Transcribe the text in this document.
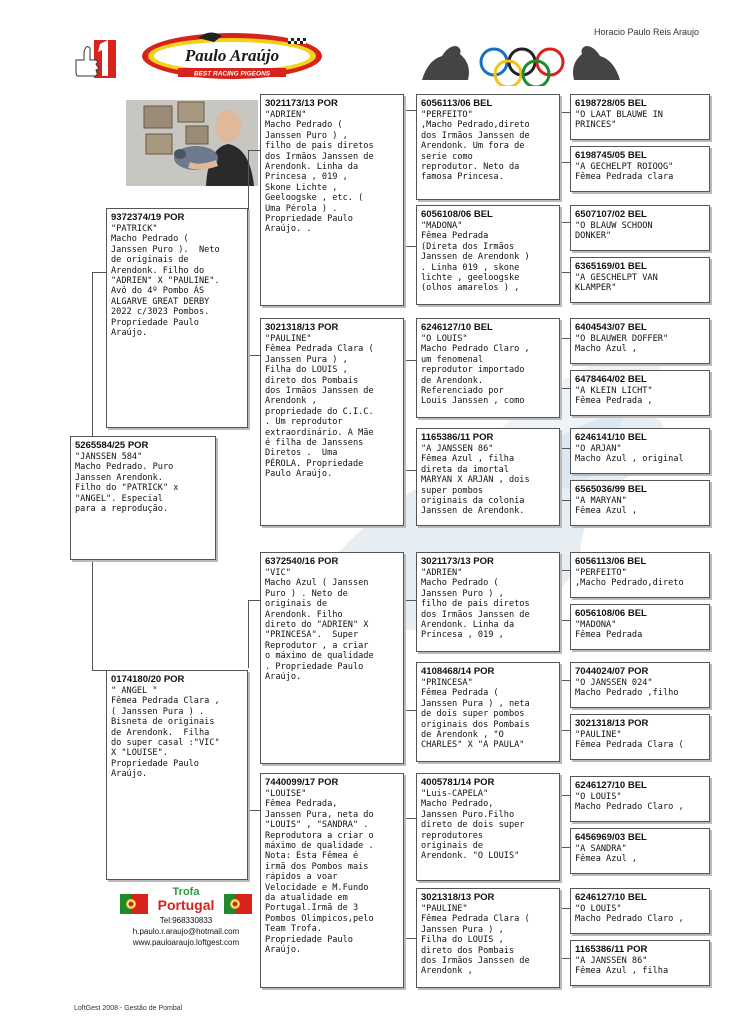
Horacio Paulo Reis Araujo
Paulo Araújo
BEST RACING PIGEONS
5265584/25 POR
"JANSSEN 584"
Macho Pedrado. Puro
Janssen Arendonk.
Filho do "PATRICK" x
"ANGEL". Especial
para a reprodução.
9372374/19 POR
"PATRICK"
Macho Pedrado (
Janssen Puro ).  Neto
de originais de
Arendonk. Filho do
"ADRIEN" X "PAULINE".
Avô do 4º Pombo ÁS
ALGARVE GREAT DERBY
2022 c/3023 Pombos.
Propriedade Paulo
Araújo.
0174180/20 POR
" ANGEL "
Fêmea Pedrada Clara ,
( Janssen Pura ) .
Bisneta de originais
de Arendonk.  Filha
do super casal :"VIC"
X "LOUISE".
Propriedade Paulo
Araújo.
3021173/13 POR
"ADRIEN"
Macho Pedrado (
Janssen Puro ) ,
filho de pais diretos
dos Irmãos Janssen de
Arendonk. Linha da
Princesa , 019 ,
Skone Lichte ,
Geeloogske , etc. (
Uma Pérola ) .
Propriedade Paulo
Araújo. .
3021318/13 POR
"PAULINE"
Fêmea Pedrada Clara (
Janssen Pura ) ,
Filha do LOUIS ,
direto dos Pombais
dos Irmãos Janssen de
Arendonk ,
propriedade do C.I.C.
. Um reprodutor
extraordinário. A Mãe
é filha de Janssens
Diretos .  Uma
PÉROLA. Propriedade
Paulo Araújo.
6372540/16 POR
"VIC"
Macho Azul ( Janssen
Puro ) . Neto de
originais de
Arendonk. Filho
direto do "ADRIEN" X
"PRINCESA".  Super
Reprodutor , a criar
o máximo de qualidade
. Propriedade Paulo
Araújo.
7440099/17 POR
"LOUISE"
Fêmea Pedrada,
Janssen Pura, neta do
"LOUIS" , "SANDRA" .
Reprodutora a criar o
máximo de qualidade .
Nota: Esta Fêmea é
irmã dos Pombos mais
rápidos a voar
Velocidade e M.Fundo
da atualidade em
Portugal.Irmã de 3
Pombos Olimpicos,pelo
Team Trofa.
Propriedade Paulo
Araújo.
6056113/06 BEL
"PERFEITO"
,Macho Pedrado,direto
dos Irmãos Janssen de
Arendonk. Um fora de
serie como
reprodutor. Neto da
famosa Princesa.
6056108/06 BEL
"MADONA"
Fêmea Pedrada
(Direta dos Irmãos
Janssen de Arendonk )
. Linha 019 , skone
lichte , geeloogske
(olhos amarelos ) ,
6246127/10 BEL
"O LOUIS"
Macho Pedrado Claro ,
um fenomenal
reprodutor importado
de Arendonk.
Referenciado por
Louis Janssen , como
1165386/11 POR
"A JANSSEN 86"
Fêmea Azul , filha
direta da imortal
MARYAN X ARJAN , dois
super pombos
originais da colonia
Janssen de Arendonk.
3021173/13 POR
"ADRIEN"
Macho Pedrado (
Janssen Puro ) ,
filho de pais diretos
dos Irmãos Janssen de
Arendonk. Linha da
Princesa , 019 ,
4108468/14 POR
"PRINCESA"
Fêmea Pedrada (
Janssen Pura ) , neta
de dois super pombos
originais dos Pombais
de Arendonk , "O
CHARLES" X "A PAULA"
4005781/14 POR
"Luis-CAPELA"
Macho Pedrado,
Janssen Puro.Filho
direto de dois super
reprodutores
originais de
Arendonk. "O LOUIS"
3021318/13 POR
"PAULINE"
Fêmea Pedrada Clara (
Janssen Pura ) ,
Filha do LOUIS ,
direto dos Pombais
dos Irmãos Janssen de
Arendonk ,
6198728/05 BEL
"O LAAT BLAUWE IN
PRINCES"
6198745/05 BEL
"A GECHELPT ROIOOG"
Fêmea Pedrada clara
6507107/02 BEL
"O BLAUW SCHOON
DONKER"
6365169/01 BEL
"A GESCHELPT VAN
KLAMPER"
6404543/07 BEL
"O BLAUWER DOFFER"
Macho Azul ,
6478464/02 BEL
"A KLEIN LICHT"
Fêmea Pedrada ,
6246141/10 BEL
"O ARJAN"
Macho Azul , original
6565036/99 BEL
"A MARYAN"
Fêmea Azul ,
6056113/06 BEL
"PERFEITO"
,Macho Pedrado,direto
6056108/06 BEL
"MADONA"
Fêmea Pedrada
7044024/07 POR
"O JANSSEN 024"
Macho Pedrado ,filho
3021318/13 POR
"PAULINE"
Fêmea Pedrada Clara (
6246127/10 BEL
"O LOUIS"
Macho Pedrado Claro ,
6456969/03 BEL
"A SANDRA"
Fêmea Azul ,
6246127/10 BEL
"O LOUIS"
Macho Pedrado Claro ,
1165386/11 POR
"A JANSSEN 86"
Fêmea Azul , filha
Trofa
Portugal
Tel:968330833
h.paulo.r.araujo@hotmail.com
www.pauloaraujo.loftgest.com
LoftGest 2008 - Gestão de Pombal
